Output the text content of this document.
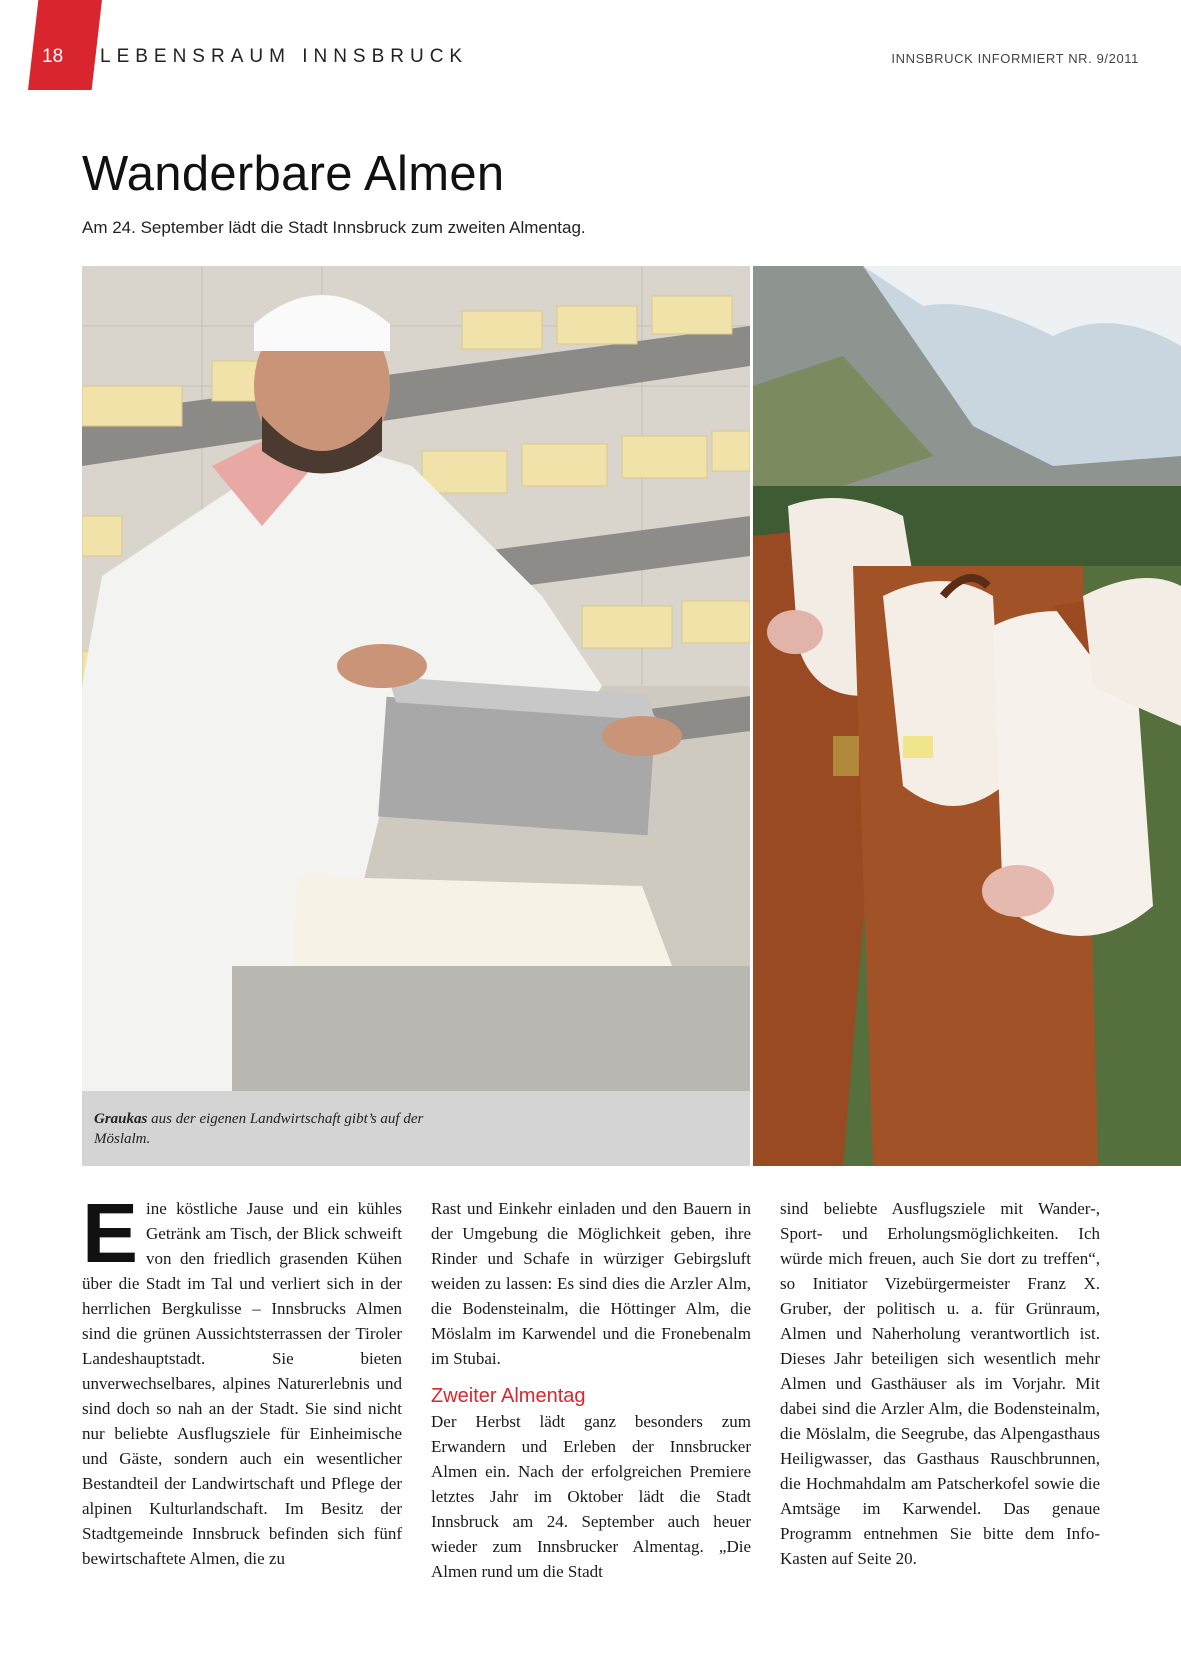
18 LEBENSRAUM INNSBRUCK	INNSBRUCK INFORMIERT NR. 9/2011
Wanderbare Almen
Am 24. September lädt die Stadt Innsbruck zum zweiten Almentag.
Graukas aus der eigenen Landwirtschaft gibt’s auf der Möslalm.
E ine köstliche Jause und ein kühles Getränk am Tisch, der Blick schweift von den friedlich grasenden Kühen über die Stadt im Tal und verliert sich in der herrlichen Bergkulisse – Innsbrucks Almen sind die grünen Aussichtsterrassen der Tiroler Landeshauptstadt. Sie bieten unverwechselbares, alpines Naturerlebnis und sind doch so nah an der Stadt. Sie sind nicht nur beliebte Ausflugsziele für Einheimische und Gäste, sondern auch ein wesentlicher Bestandteil der Landwirtschaft und Pflege der alpinen Kulturlandschaft. Im Besitz der Stadtgemeinde Innsbruck befinden sich fünf bewirtschaftete Almen, die zu

Rast und Einkehr einladen und den Bauern in der Umgebung die Möglichkeit geben, ihre Rinder und Schafe in würziger Gebirgsluft weiden zu lassen: Es sind dies die Arzler Alm, die Bodensteinalm, die Höttinger Alm, die Möslalm im Karwendel und die Fronebenalm im Stubai.

Zweiter Almentag

Der Herbst lädt ganz besonders zum Erwandern und Erleben der Innsbrucker Almen ein. Nach der erfolgreichen Premiere letztes Jahr im Oktober lädt die Stadt Innsbruck am 24. September auch heuer wieder zum Innsbrucker Almentag. „Die Almen rund um die Stadt

sind beliebte Ausflugsziele mit Wander-, Sport- und Erholungsmöglichkeiten. Ich würde mich freuen, auch Sie dort zu treffen“, so Initiator Vizebürgermeister Franz X. Gruber, der politisch u. a. für Grünraum, Almen und Naherholung verantwortlich ist. Dieses Jahr beteiligen sich wesentlich mehr Almen und Gasthäuser als im Vorjahr. Mit dabei sind die Arzler Alm, die Bodensteinalm, die Möslalm, die Seegrube, das Alpengasthaus Heiligwasser, das Gasthaus Rauschbrunnen, die Hochmahdalm am Patscherkofel sowie die Amtsäge im Karwendel. Das genaue Programm entnehmen Sie bitte dem Info-Kasten auf Seite 20.
